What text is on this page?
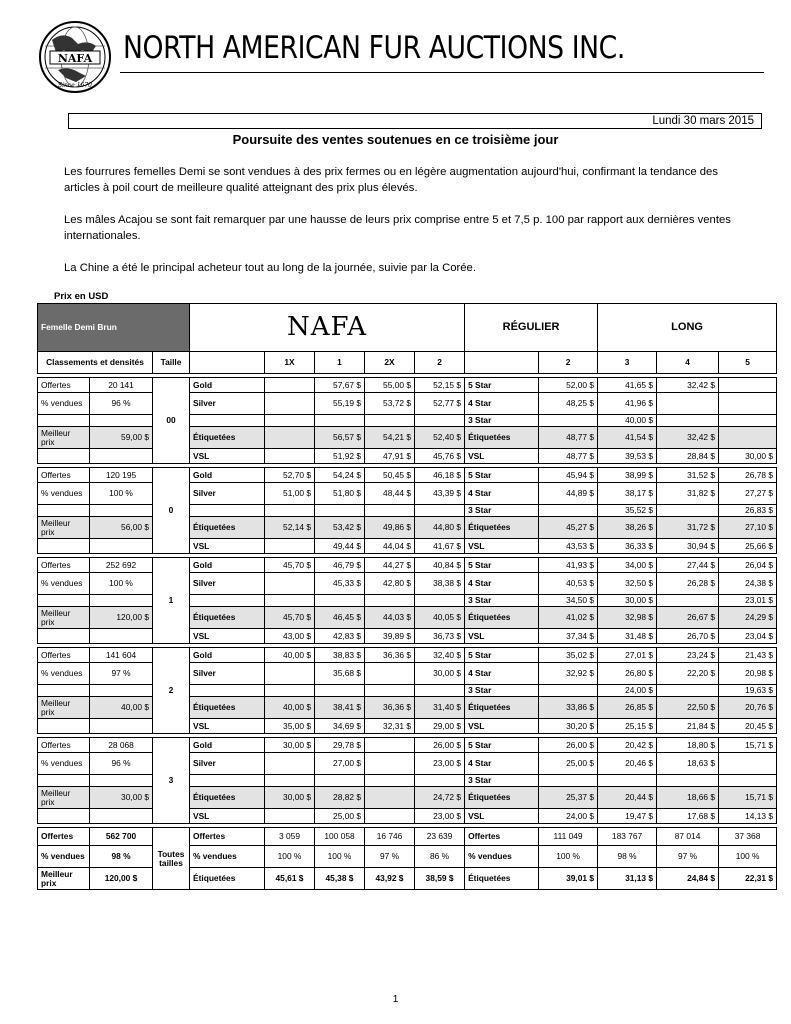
NAFA
Since 1670
NORTH AMERICAN FUR AUCTIONS INC.
Lundi 30 mars 2015
Poursuite des ventes soutenues en ce troisième jour
Les fourrures femelles Demi se sont vendues à des prix fermes ou en légère augmentation aujourd'hui, confirmant la tendance des articles à poil court de meilleure qualité atteignant des prix plus élevés.
Les mâles Acajou se sont fait remarquer par une hausse de leurs prix comprise entre 5 et 7,5 p. 100 par rapport aux dernières ventes internationales.
La Chine a été le principal acheteur tout au long de la journée, suivie par la Corée.
Prix en USD
Femelle Demi Brun			NAFA					RÉGULIER		LONG		
Classements et densités		Taille		1X	1	2X	2		2	3	4	5

Offertes	20 141	00	Gold		57,67 $	55,00 $	52,15 $	5 Star	52,00 $	41,65 $	32,42 $	
% vendues	96 %		Silver		55,19 $	53,72 $	52,77 $	4 Star	48,25 $	41,96 $		
								3 Star		40,00 $		
Meilleur prix	59,00 $		Étiquetées		56,57 $	54,21 $	52,40 $	Étiquetées	48,77 $	41,54 $	32,42 $	
			VSL		51,92 $	47,91 $	45,76 $	VSL	48,77 $	39,53 $	28,84 $	30,00 $

Offertes	120 195	0	Gold	52,70 $	54,24 $	50,45 $	46,18 $	5 Star	45,94 $	38,99 $	31,52 $	26,78 $
% vendues	100 %		Silver	51,00 $	51,80 $	48,44 $	43,39 $	4 Star	44,89 $	38,17 $	31,82 $	27,27 $
								3 Star		35,52 $		26,83 $
Meilleur prix	56,00 $		Étiquetées	52,14 $	53,42 $	49,86 $	44,80 $	Étiquetées	45,27 $	38,26 $	31,72 $	27,10 $
			VSL		49,44 $	44,04 $	41,67 $	VSL	43,53 $	36,33 $	30,94 $	25,66 $

Offertes	252 692	1	Gold	45,70 $	46,79 $	44,27 $	40,84 $	5 Star	41,93 $	34,00 $	27,44 $	26,04 $
% vendues	100 %		Silver		45,33 $	42,80 $	38,38 $	4 Star	40,53 $	32,50 $	26,28 $	24,38 $
								3 Star	34,50 $	30,00 $		23,01 $
Meilleur prix	120,00 $		Étiquetées	45,70 $	46,45 $	44,03 $	40,05 $	Étiquetées	41,02 $	32,98 $	26,67 $	24,29 $
			VSL	43,00 $	42,83 $	39,89 $	36,73 $	VSL	37,34 $	31,48 $	26,70 $	23,04 $

Offertes	141 604	2	Gold	40,00 $	38,83 $	36,36 $	32,40 $	5 Star	35,02 $	27,01 $	23,24 $	21,43 $
% vendues	97 %		Silver		35,68 $		30,00 $	4 Star	32,92 $	26,80 $	22,20 $	20,98 $
								3 Star		24,00 $		19,63 $
Meilleur prix	40,00 $		Étiquetées	40,00 $	38,41 $	36,36 $	31,40 $	Étiquetées	33,86 $	26,85 $	22,50 $	20,76 $
			VSL	35,00 $	34,69 $	32,31 $	29,00 $	VSL	30,20 $	25,15 $	21,84 $	20,45 $

Offertes	28 068	3	Gold	30,00 $	29,78 $		26,00 $	5 Star	26,00 $	20,42 $	18,80 $	15,71 $
% vendues	96 %		Silver		27,00 $		23,00 $	4 Star	25,00 $	20,46 $	18,63 $	
								3 Star				
Meilleur prix	30,00 $		Étiquetées	30,00 $	28,82 $		24,72 $	Étiquetées	25,37 $	20,44 $	18,66 $	15,71 $
			VSL		25,00 $		23,00 $	VSL	24,00 $	19,47 $	17,68 $	14,13 $

Offertes	562 700	Toutes tailles	Offertes	3 059	100 058	16 746	23 639	Offertes	111 049	183 767	87 014	37 368
% vendues	98 %		% vendues	100 %	100 %	97 %	86 %	% vendues	100 %	98 %	97 %	100 %
Meilleur prix	120,00 $		Étiquetées	45,61 $	45,38 $	43,92 $	38,59 $	Étiquetées	39,01 $	31,13 $	24,84 $	22,31 $
1
